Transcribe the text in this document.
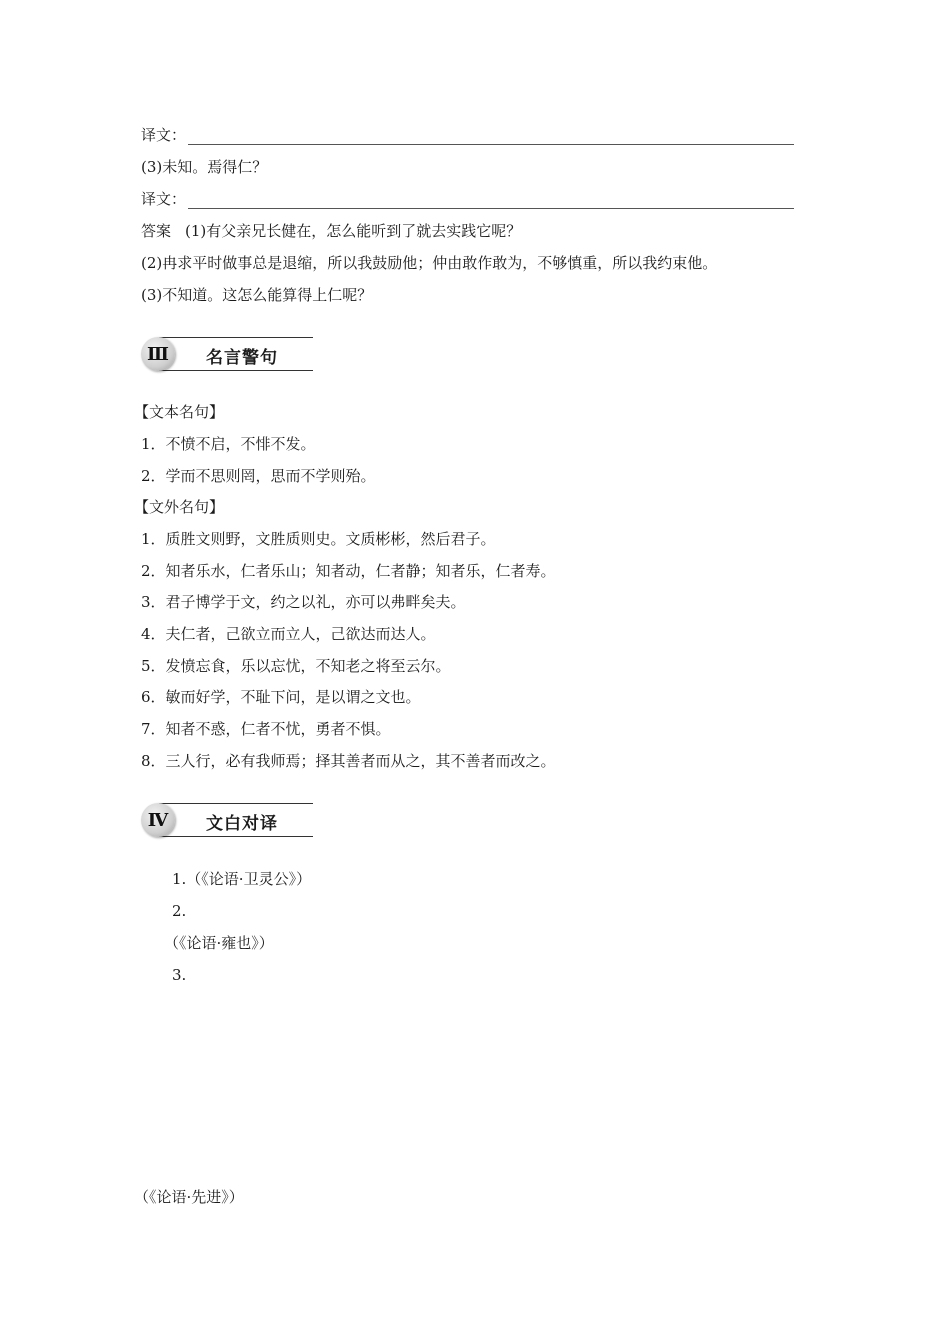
译文：
(3)未知。焉得仁？
译文：
答案 (1)有父亲兄长健在，怎么能听到了就去实践它呢？
(2)冉求平时做事总是退缩，所以我鼓励他；仲由敢作敢为，不够慎重，所以我约束他。
(3)不知道。这怎么能算得上仁呢？
Ⅲ	名言警句
【文本名句】
1．不愤不启，不悱不发。
2．学而不思则罔，思而不学则殆。
【文外名句】
1．质胜文则野，文胜质则史。文质彬彬，然后君子。
2．知者乐水，仁者乐山；知者动，仁者静；知者乐，仁者寿。
3．君子博学于文，约之以礼，亦可以弗畔矣夫。
4．夫仁者，己欲立而立人，己欲达而达人。
5．发愤忘食，乐以忘忧，不知老之将至云尔。
6．敏而好学，不耻下问，是以谓之文也。
7．知者不惑，仁者不忧，勇者不惧。
8．三人行，必有我师焉；择其善者而从之，其不善者而改之。
Ⅳ	文白对译
1.（《论语·卫灵公》）
2.
（《论语·雍也》）
3.
（《论语·先进》）
